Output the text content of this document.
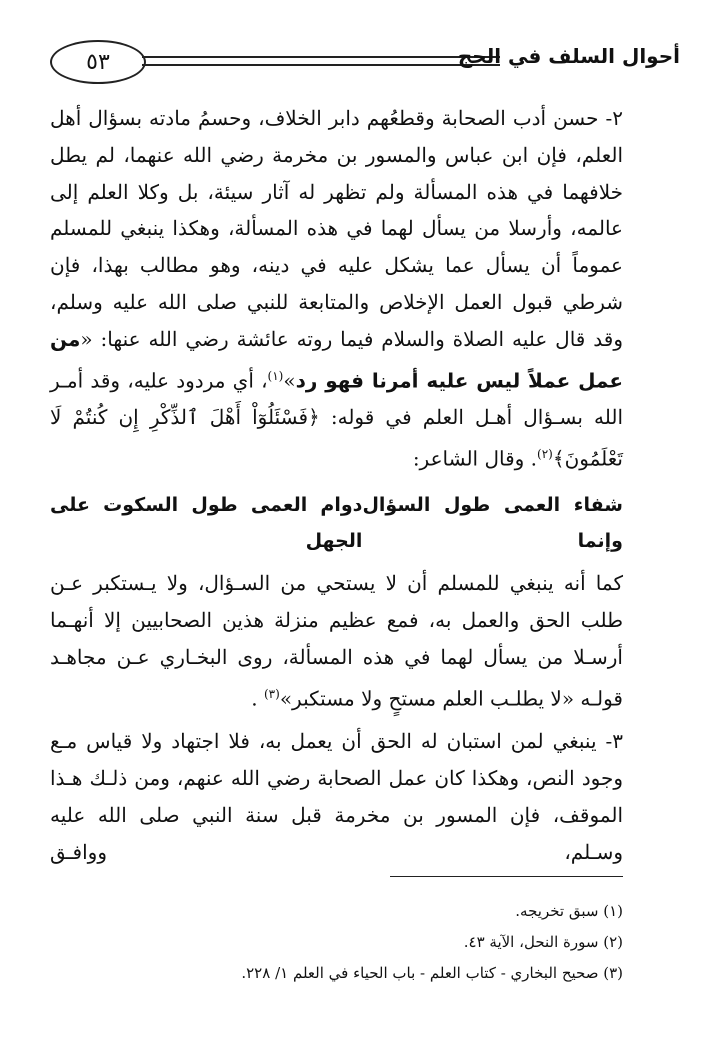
٥٣	أحوال السلف في الحج

٢- حسن أدب الصحابة وقطعُهم دابر الخلاف، وحسمُ مادته بسؤال أهل العلم، فإن ابن عباس والمسور بن مخرمة رضي الله عنهما، لم يطل خلافهما في هذه المسألة ولم تظهر له آثار سيئة، بل وكلا العلم إلى عالمه، وأرسلا من يسأل لهما في هذه المسألة، وهكذا ينبغي للمسلم عموماً أن يسأل عما يشكل عليه في دينه، وهو مطالب بهذا، فإن شرطي قبول العمل الإخلاص والمتابعة للنبي صلى الله عليه وسلم، وقد قال عليه الصلاة والسلام فيما روته عائشة رضي الله عنها: «من عمل عملاً ليس عليه أمرنا فهو رد»$^{(١)}$، أي مردود عليه، وقد أمـر الله بسـؤال أهـل العلم في قوله: ﴿فَسْئَلُوٓاْ أَهْلَ ٱلذِّكْرِ إِن كُنتُمْ لَا تَعْلَمُونَ﴾$^{(٢)}$. وقال الشاعر:

شفاء العمى طول السؤال وإنما
دوام العمى طول السكوت على الجهل

كما أنه ينبغي للمسلم أن لا يستحي من السـؤال، ولا يـستكبر عـن طلب الحق والعمل به، فمع عظيم منزلة هذين الصحابيين إلا أنهـما أرسـلا من يسأل لهما في هذه المسألة، روى البخـاري عـن مجاهـد قولـه «لا يطلـب العلم مستحٍ ولا مستكبر»$^{(٣)}$ .

٣- ينبغي لمن استبان له الحق أن يعمل به، فلا اجتهاد ولا قياس مـع وجود النص، وهكذا كان عمل الصحابة رضي الله عنهم، ومن ذلـك هـذا الموقف، فإن المسور بن مخرمة قبل سنة النبي صلى الله عليه وسـلم، ووافـق

(١) سبق تخريجه.
(٢) سورة النحل، الآية ٤٣.
(٣) صحيح البخاري - كتاب العلم - باب الحياء في العلم ١/ ٢٢٨.
